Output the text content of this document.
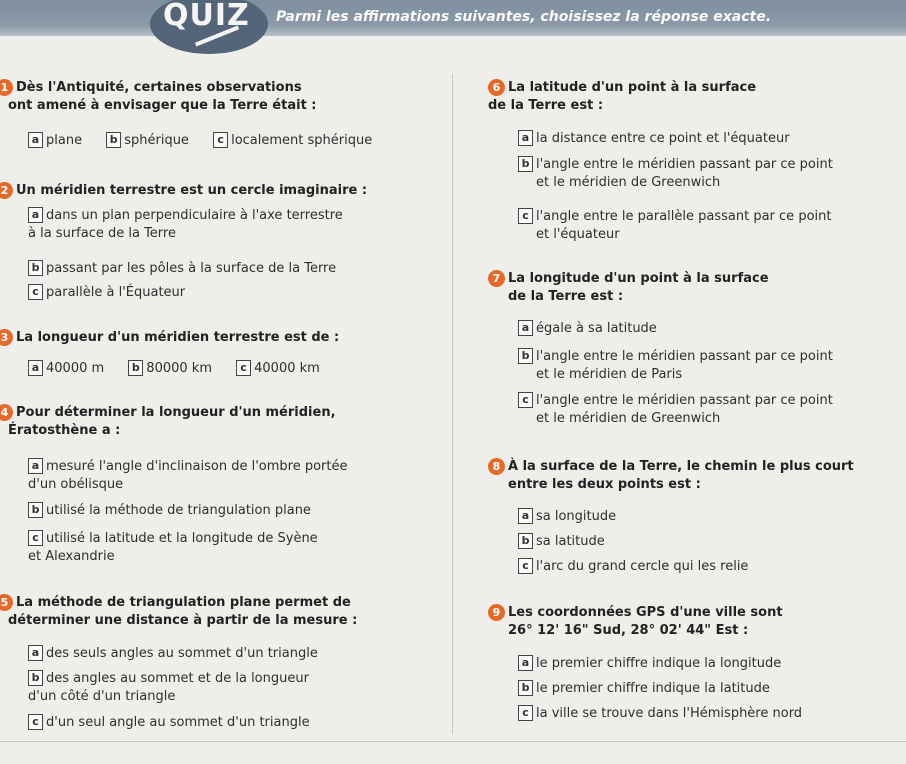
QUIZ Parmi les affirmations suivantes, choisissez la réponse exacte.
1 Dès l'Antiquité, certaines observations
ont amené à envisager que la Terre était :
a plane	b sphérique	c localement sphérique
2 Un méridien terrestre est un cercle imaginaire :
a dans un plan perpendiculaire à l'axe terrestre
à la surface de la Terre
b passant par les pôles à la surface de la Terre
c parallèle à l'Équateur
3 La longueur d'un méridien terrestre est de :
a 40000 m	b 80000 km	c 40000 km
4 Pour déterminer la longueur d'un méridien,
Ératosthène a :
a mesuré l'angle d'inclinaison de l'ombre portée
d'un obélisque
b utilisé la méthode de triangulation plane
c utilisé la latitude et la longitude de Syène
et Alexandrie
5 La méthode de triangulation plane permet de
déterminer une distance à partir de la mesure :
a des seuls angles au sommet d'un triangle
b des angles au sommet et de la longueur
d'un côté d'un triangle
c d'un seul angle au sommet d'un triangle
6 La latitude d'un point à la surface
de la Terre est :
a la distance entre ce point et l'équateur
b l'angle entre le méridien passant par ce point
et le méridien de Greenwich
c l'angle entre le parallèle passant par ce point
et l'équateur
7 La longitude d'un point à la surface
de la Terre est :
a égale à sa latitude
b l'angle entre le méridien passant par ce point
et le méridien de Paris
c l'angle entre le méridien passant par ce point
et le méridien de Greenwich
8 À la surface de la Terre, le chemin le plus court
entre les deux points est :
a sa longitude
b sa latitude
c l'arc du grand cercle qui les relie
9 Les coordonnées GPS d'une ville sont
26° 12' 16" Sud, 28° 02' 44" Est :
a le premier chiffre indique la longitude
b le premier chiffre indique la latitude
c la ville se trouve dans l'Hémisphère nord
